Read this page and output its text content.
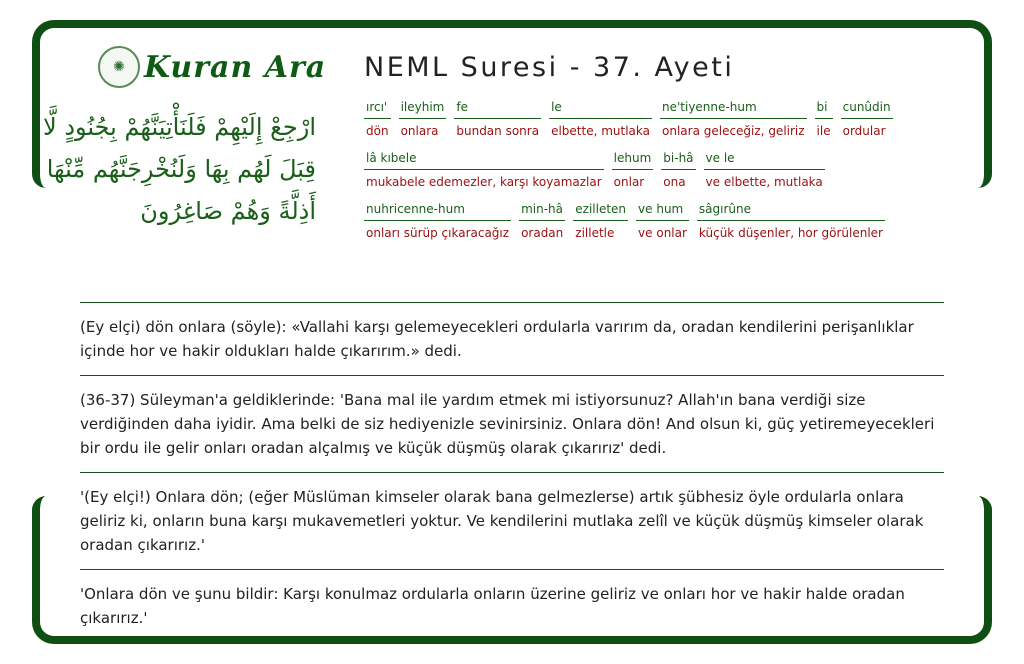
✺ Kuran Ara
ارْجِعْ إِلَيْهِمْ فَلَنَأْتِيَنَّهُمْ بِجُنُودٍ لَّا قِبَلَ لَهُم بِهَا وَلَنُخْرِجَنَّهُم مِّنْهَا أَذِلَّةً وَهُمْ صَاغِرُونَ
NEML Suresi - 37. Ayeti
ırcı'
dön
ileyhim
onlara
fe
bundan sonra
le
elbette, mutlaka
ne'tiyenne-hum
onlara geleceğiz, geliriz
bi
ile
cunûdin
ordular
lâ kıbele
mukabele edemezler, karşı koyamazlar
lehum
onlar
bi-hâ
ona
ve le
ve elbette, mutlaka
nuhricenne-hum
onları sürüp çıkaracağız
min-hâ
oradan
ezilleten
zilletle
ve hum
ve onlar
sâgırûne
küçük düşenler, hor görülenler
(Ey elçi) dön onlara (söyle): «Vallahi karşı gelemeyecekleri ordularla varırım da, oradan kendilerini perişanlıklar içinde hor ve hakir oldukları halde çıkarırım.» dedi.
(36-37) Süleyman'a geldiklerinde: 'Bana mal ile yardım etmek mi istiyorsunuz? Allah'ın bana verdiği size verdiğinden daha iyidir. Ama belki de siz hediyenizle sevinirsiniz. Onlara dön! And olsun ki, güç yetiremeyecekleri bir ordu ile gelir onları oradan alçalmış ve küçük düşmüş olarak çıkarırız' dedi.
'(Ey elçi!) Onlara dön; (eğer Müslüman kimseler olarak bana gelmezlerse) artık şübhesiz öyle ordularla onlara geliriz ki, onların buna karşı mukavemetleri yoktur. Ve kendilerini mutlaka zelîl ve küçük düşmüş kimseler olarak oradan çıkarırız.'
'Onlara dön ve şunu bildir: Karşı konulmaz ordularla onların üzerine geliriz ve onları hor ve hakir halde oradan çıkarırız.'
